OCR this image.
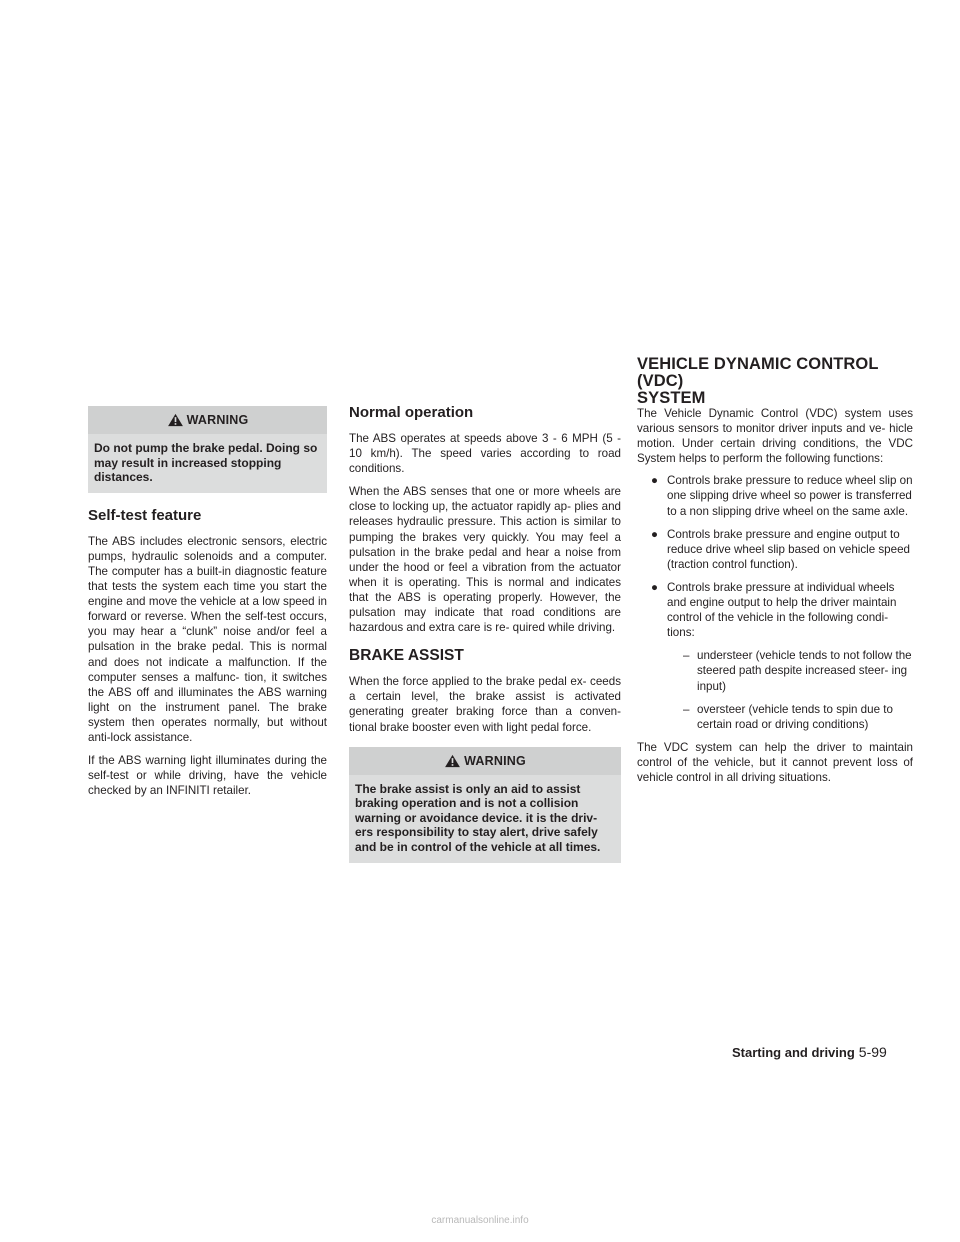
WARNING
Do not pump the brake pedal. Doing so may result in increased stopping distances.
Self-test feature

The ABS includes electronic sensors, electric pumps, hydraulic solenoids and a computer. The computer has a built-in diagnostic feature that tests the system each time you start the engine and move the vehicle at a low speed in forward or reverse. When the self-test occurs, you may hear a “clunk” noise and/or feel a pulsation in the brake pedal. This is normal and does not indicate a malfunction. If the computer senses a malfunc- tion, it switches the ABS off and illuminates the ABS warning light on the instrument panel. The brake system then operates normally, but without anti-lock assistance.

If the ABS warning light illuminates during the self-test or while driving, have the vehicle checked by an INFINITI retailer.

Normal operation

The ABS operates at speeds above 3 - 6 MPH (5 - 10 km/h). The speed varies according to road conditions.

When the ABS senses that one or more wheels are close to locking up, the actuator rapidly ap- plies and releases hydraulic pressure. This action is similar to pumping the brakes very quickly. You may feel a pulsation in the brake pedal and hear a noise from under the hood or feel a vibration from the actuator when it is operating. This is normal and indicates that the ABS is operating properly. However, the pulsation may indicate that road conditions are hazardous and extra care is re- quired while driving.

BRAKE ASSIST

When the force applied to the brake pedal ex- ceeds a certain level, the brake assist is activated generating greater braking force than a conven- tional brake booster even with light pedal force.

WARNING
The brake assist is only an aid to assist braking operation and is not a collision warning or avoidance device. it is the driv- ers responsibility to stay alert, drive safely and be in control of the vehicle at all times.
VEHICLE DYNAMIC CONTROL (VDC)
SYSTEM

The Vehicle Dynamic Control (VDC) system uses various sensors to monitor driver inputs and ve- hicle motion. Under certain driving conditions, the VDC System helps to perform the following functions:

● Controls brake pressure to reduce wheel slip on one slipping drive wheel so power is transferred to a non slipping drive wheel on the same axle.
● Controls brake pressure and engine output to reduce drive wheel slip based on vehicle speed (traction control function).
● Controls brake pressure at individual wheels and engine output to help the driver maintain control of the vehicle in the following condi- tions:
– understeer (vehicle tends to not follow the steered path despite increased steer- ing input)
– oversteer (vehicle tends to spin due to certain road or driving conditions)

The VDC system can help the driver to maintain control of the vehicle, but it cannot prevent loss of vehicle control in all driving situations.

Starting and driving 5-99
carmanualsonline.info
